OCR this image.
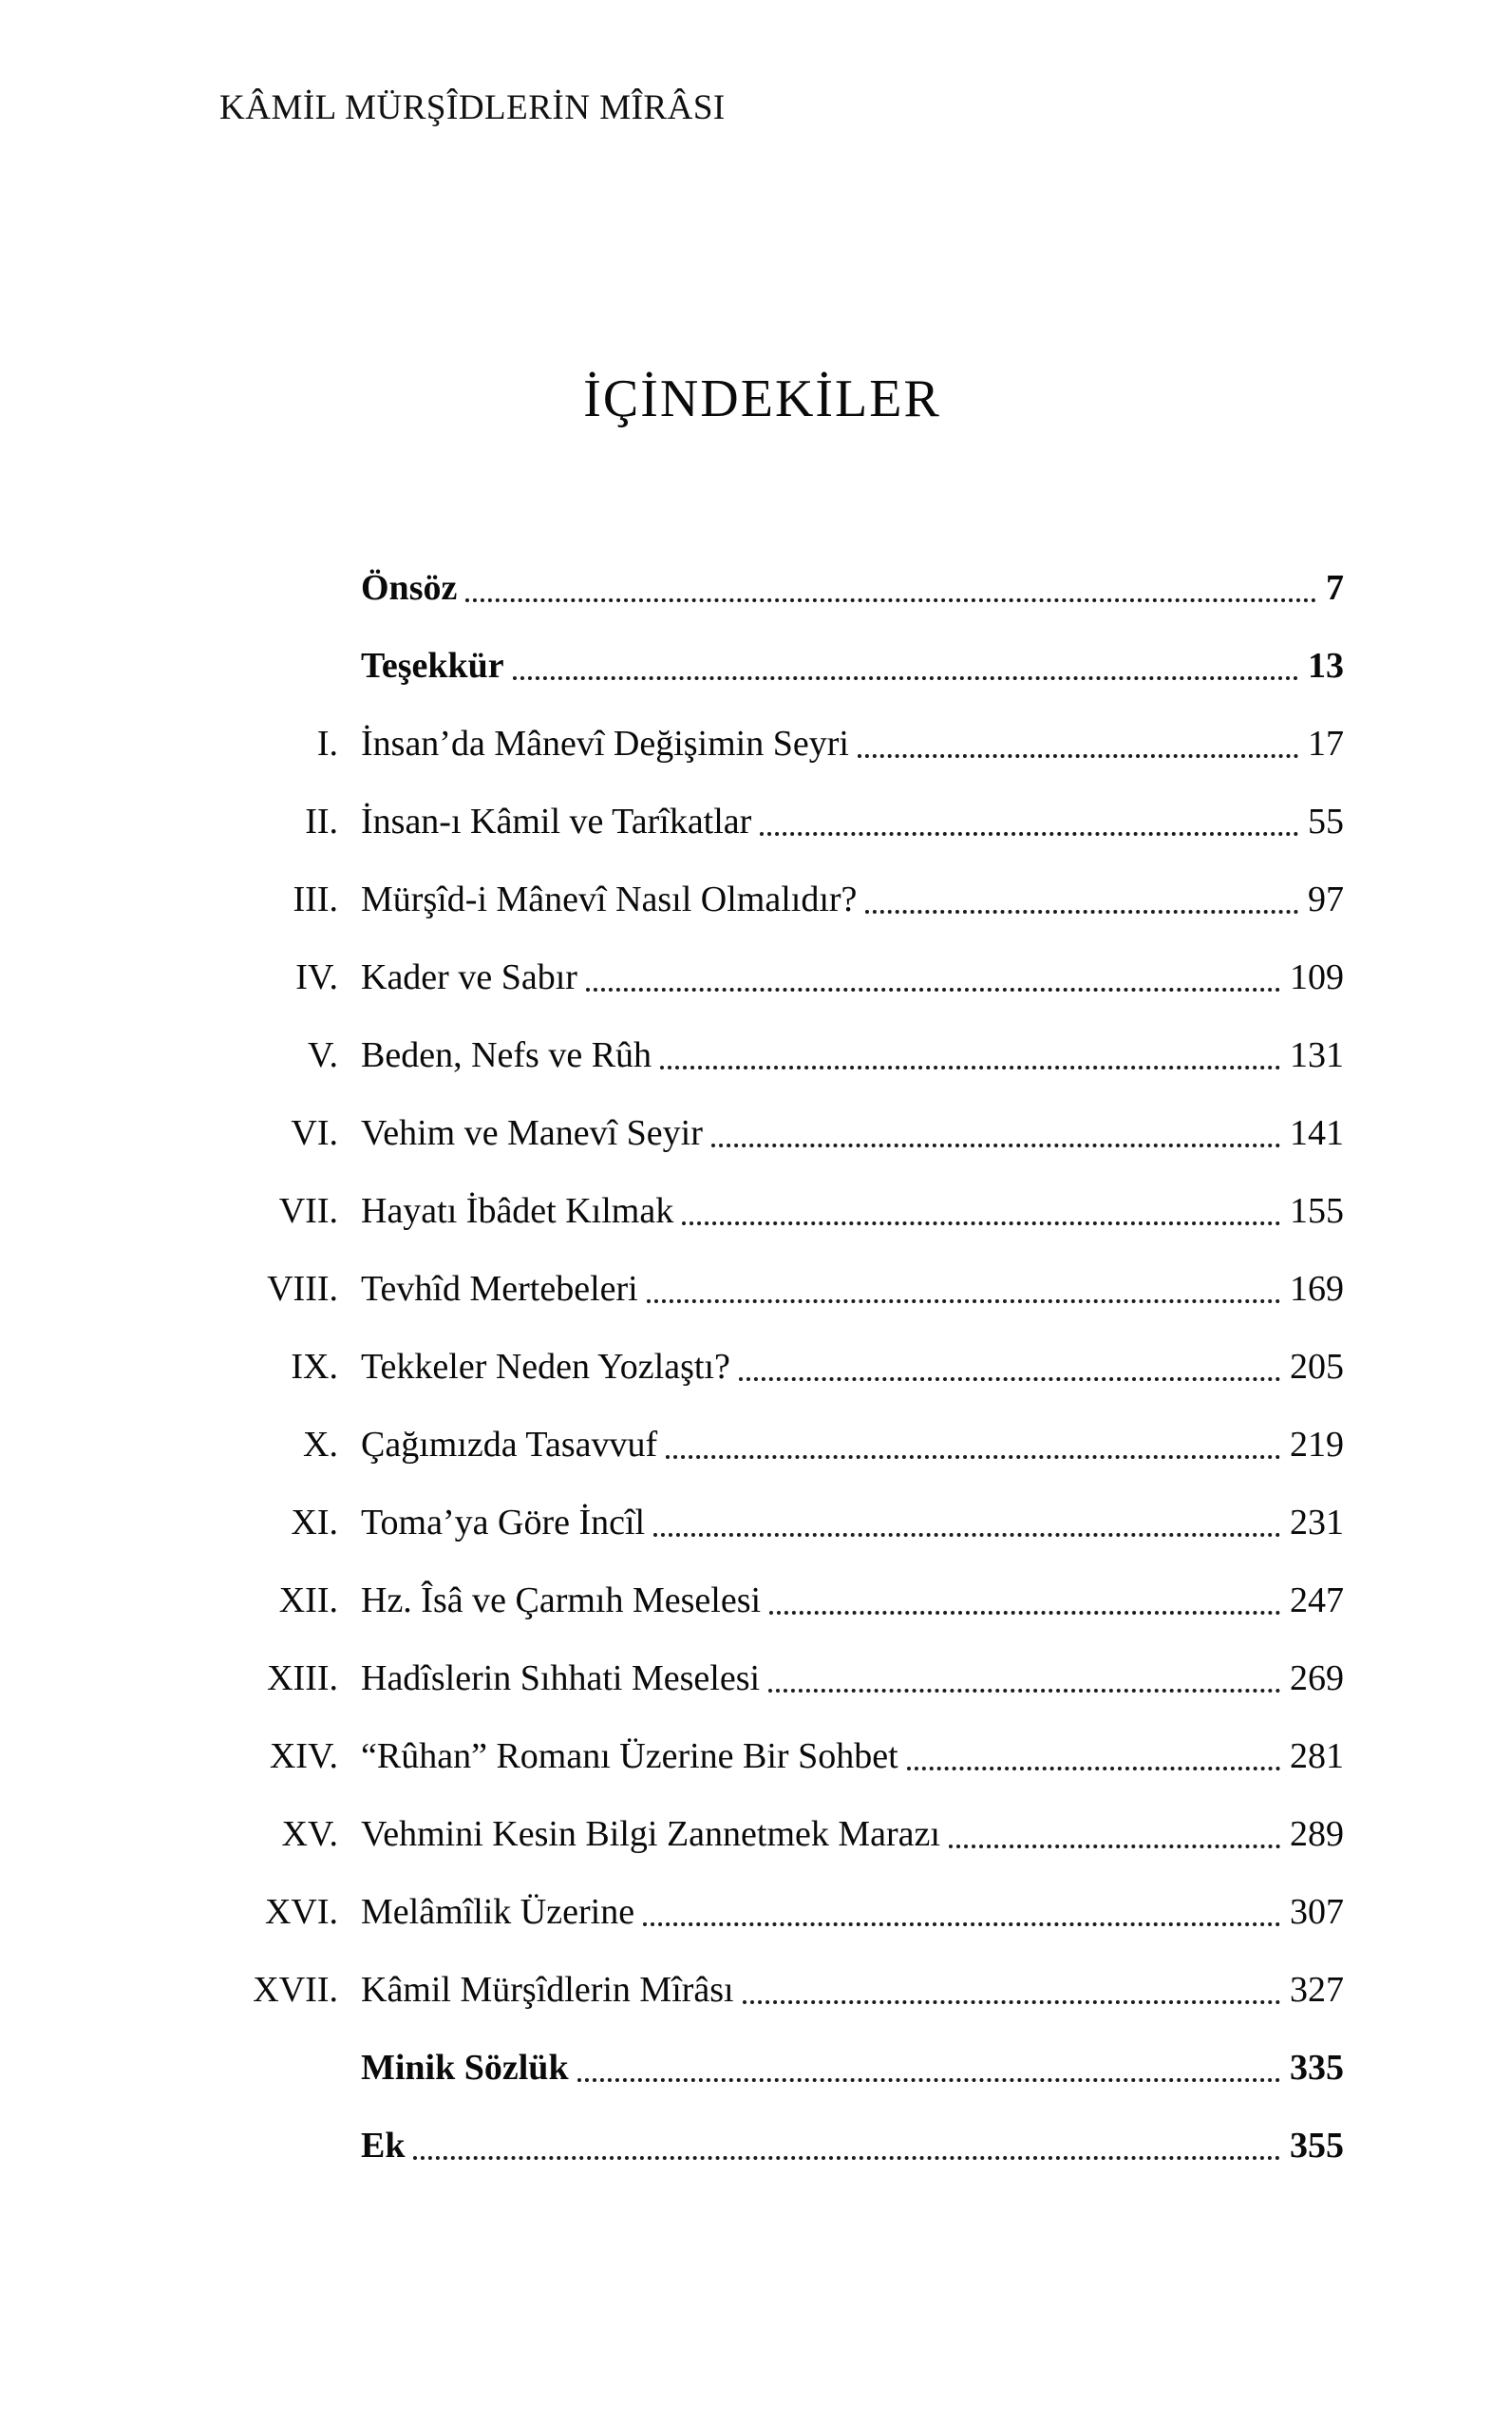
KÂMİL MÜRŞÎDLERİN MÎRÂSI
İÇİNDEKİLER
Önsöz	7
Teşekkür	13
I. İnsan’da Mânevî Değişimin Seyri	17
II. İnsan-ı Kâmil ve Tarîkatlar	55
III. Mürşîd-i Mânevî Nasıl Olmalıdır?	97
IV. Kader ve Sabır	109
V. Beden, Nefs ve Rûh	131
VI. Vehim ve Manevî Seyir	141
VII. Hayatı İbâdet Kılmak	155
VIII. Tevhîd Mertebeleri	169
IX. Tekkeler Neden Yozlaştı?	205
X. Çağımızda Tasavvuf	219
XI. Toma’ya Göre İncîl	231
XII. Hz. Îsâ ve Çarmıh Meselesi	247
XIII. Hadîslerin Sıhhati Meselesi	269
XIV. “Rûhan” Romanı Üzerine Bir Sohbet	281
XV. Vehmini Kesin Bilgi Zannetmek Marazı	289
XVI. Melâmîlik Üzerine	307
XVII. Kâmil Mürşîdlerin Mîrâsı	327
Minik Sözlük	335
Ek	355
